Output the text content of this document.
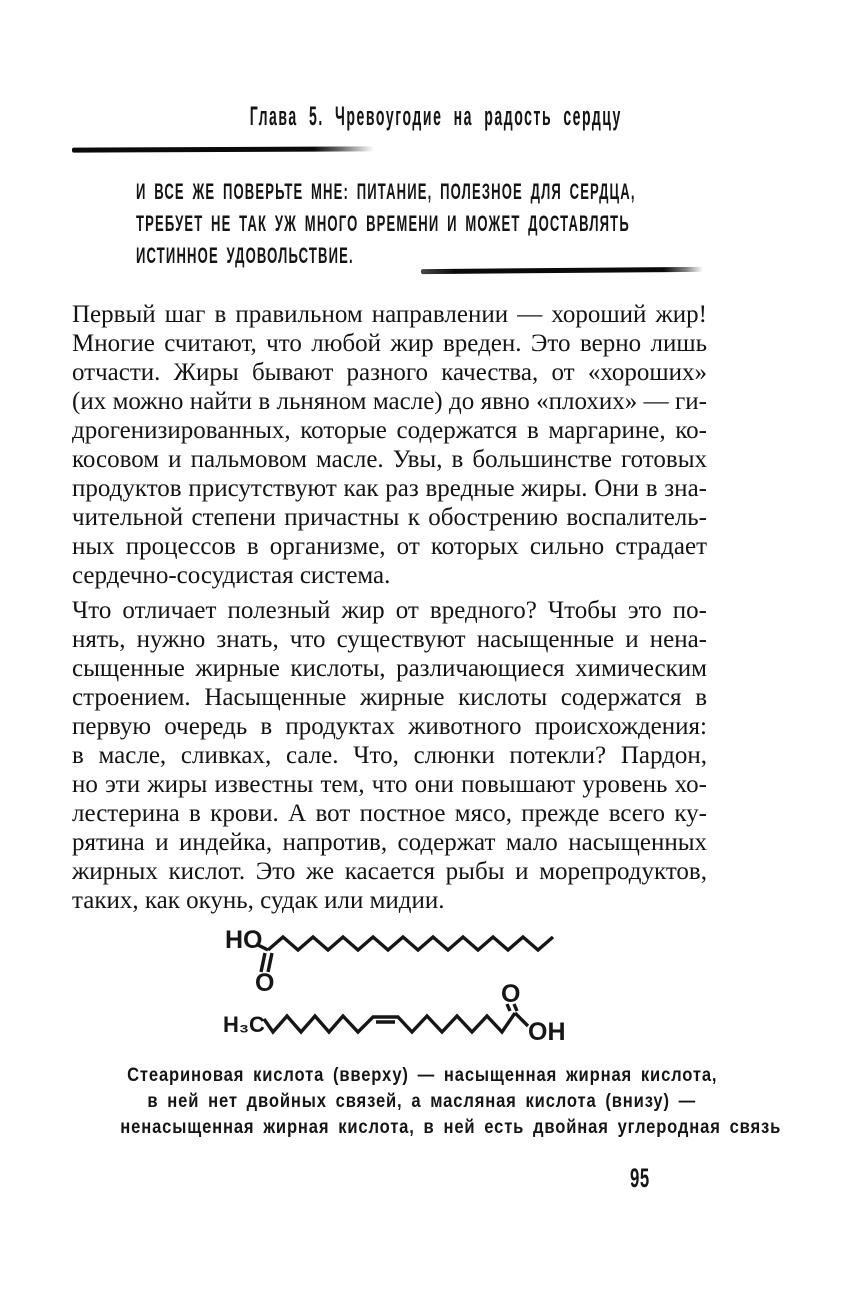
Глава 5. Чревоугодие на радость сердцу
И ВСЕ ЖЕ ПОВЕРЬТЕ МНЕ: ПИТАНИЕ, ПОЛЕЗНОЕ ДЛЯ СЕРДЦА,
ТРЕБУЕТ НЕ ТАК УЖ МНОГО ВРЕМЕНИ И МОЖЕТ ДОСТАВЛЯТЬ
ИСТИННОЕ УДОВОЛЬСТВИЕ.
Первый шаг в правильном направлении — хороший жир!
Многие считают, что любой жир вреден. Это верно лишь
отчасти. Жиры бывают разного качества, от «хороших»
(их можно найти в льняном масле) до явно «плохих» — ги-
дрогенизированных, которые содержатся в маргарине, ко-
косовом и пальмовом масле. Увы, в большинстве готовых
продуктов присутствуют как раз вредные жиры. Они в зна-
чительной степени причастны к обострению воспалитель-
ных процессов в организме, от которых сильно страдает
сердечно-сосудистая система.
Что отличает полезный жир от вредного? Чтобы это по-
нять, нужно знать, что существуют насыщенные и нена-
сыщенные жирные кислоты, различающиеся химическим
строением. Насыщенные жирные кислоты содержатся в
первую очередь в продуктах животного происхождения:
в масле, сливках, сале. Что, слюнки потекли? Пардон,
но эти жиры известны тем, что они повышают уровень хо-
лестерина в крови. А вот постное мясо, прежде всего ку-
рятина и индейка, напротив, содержат мало насыщенных
жирных кислот. Это же касается рыбы и морепродуктов,
таких, как окунь, судак или мидии.
HO
O
H₃C
O
OH
Стеариновая кислота (вверху) — насыщенная жирная кислота,
в ней нет двойных связей, а масляная кислота (внизу) —
ненасыщенная жирная кислота, в ней есть двойная углеродная связь
95
